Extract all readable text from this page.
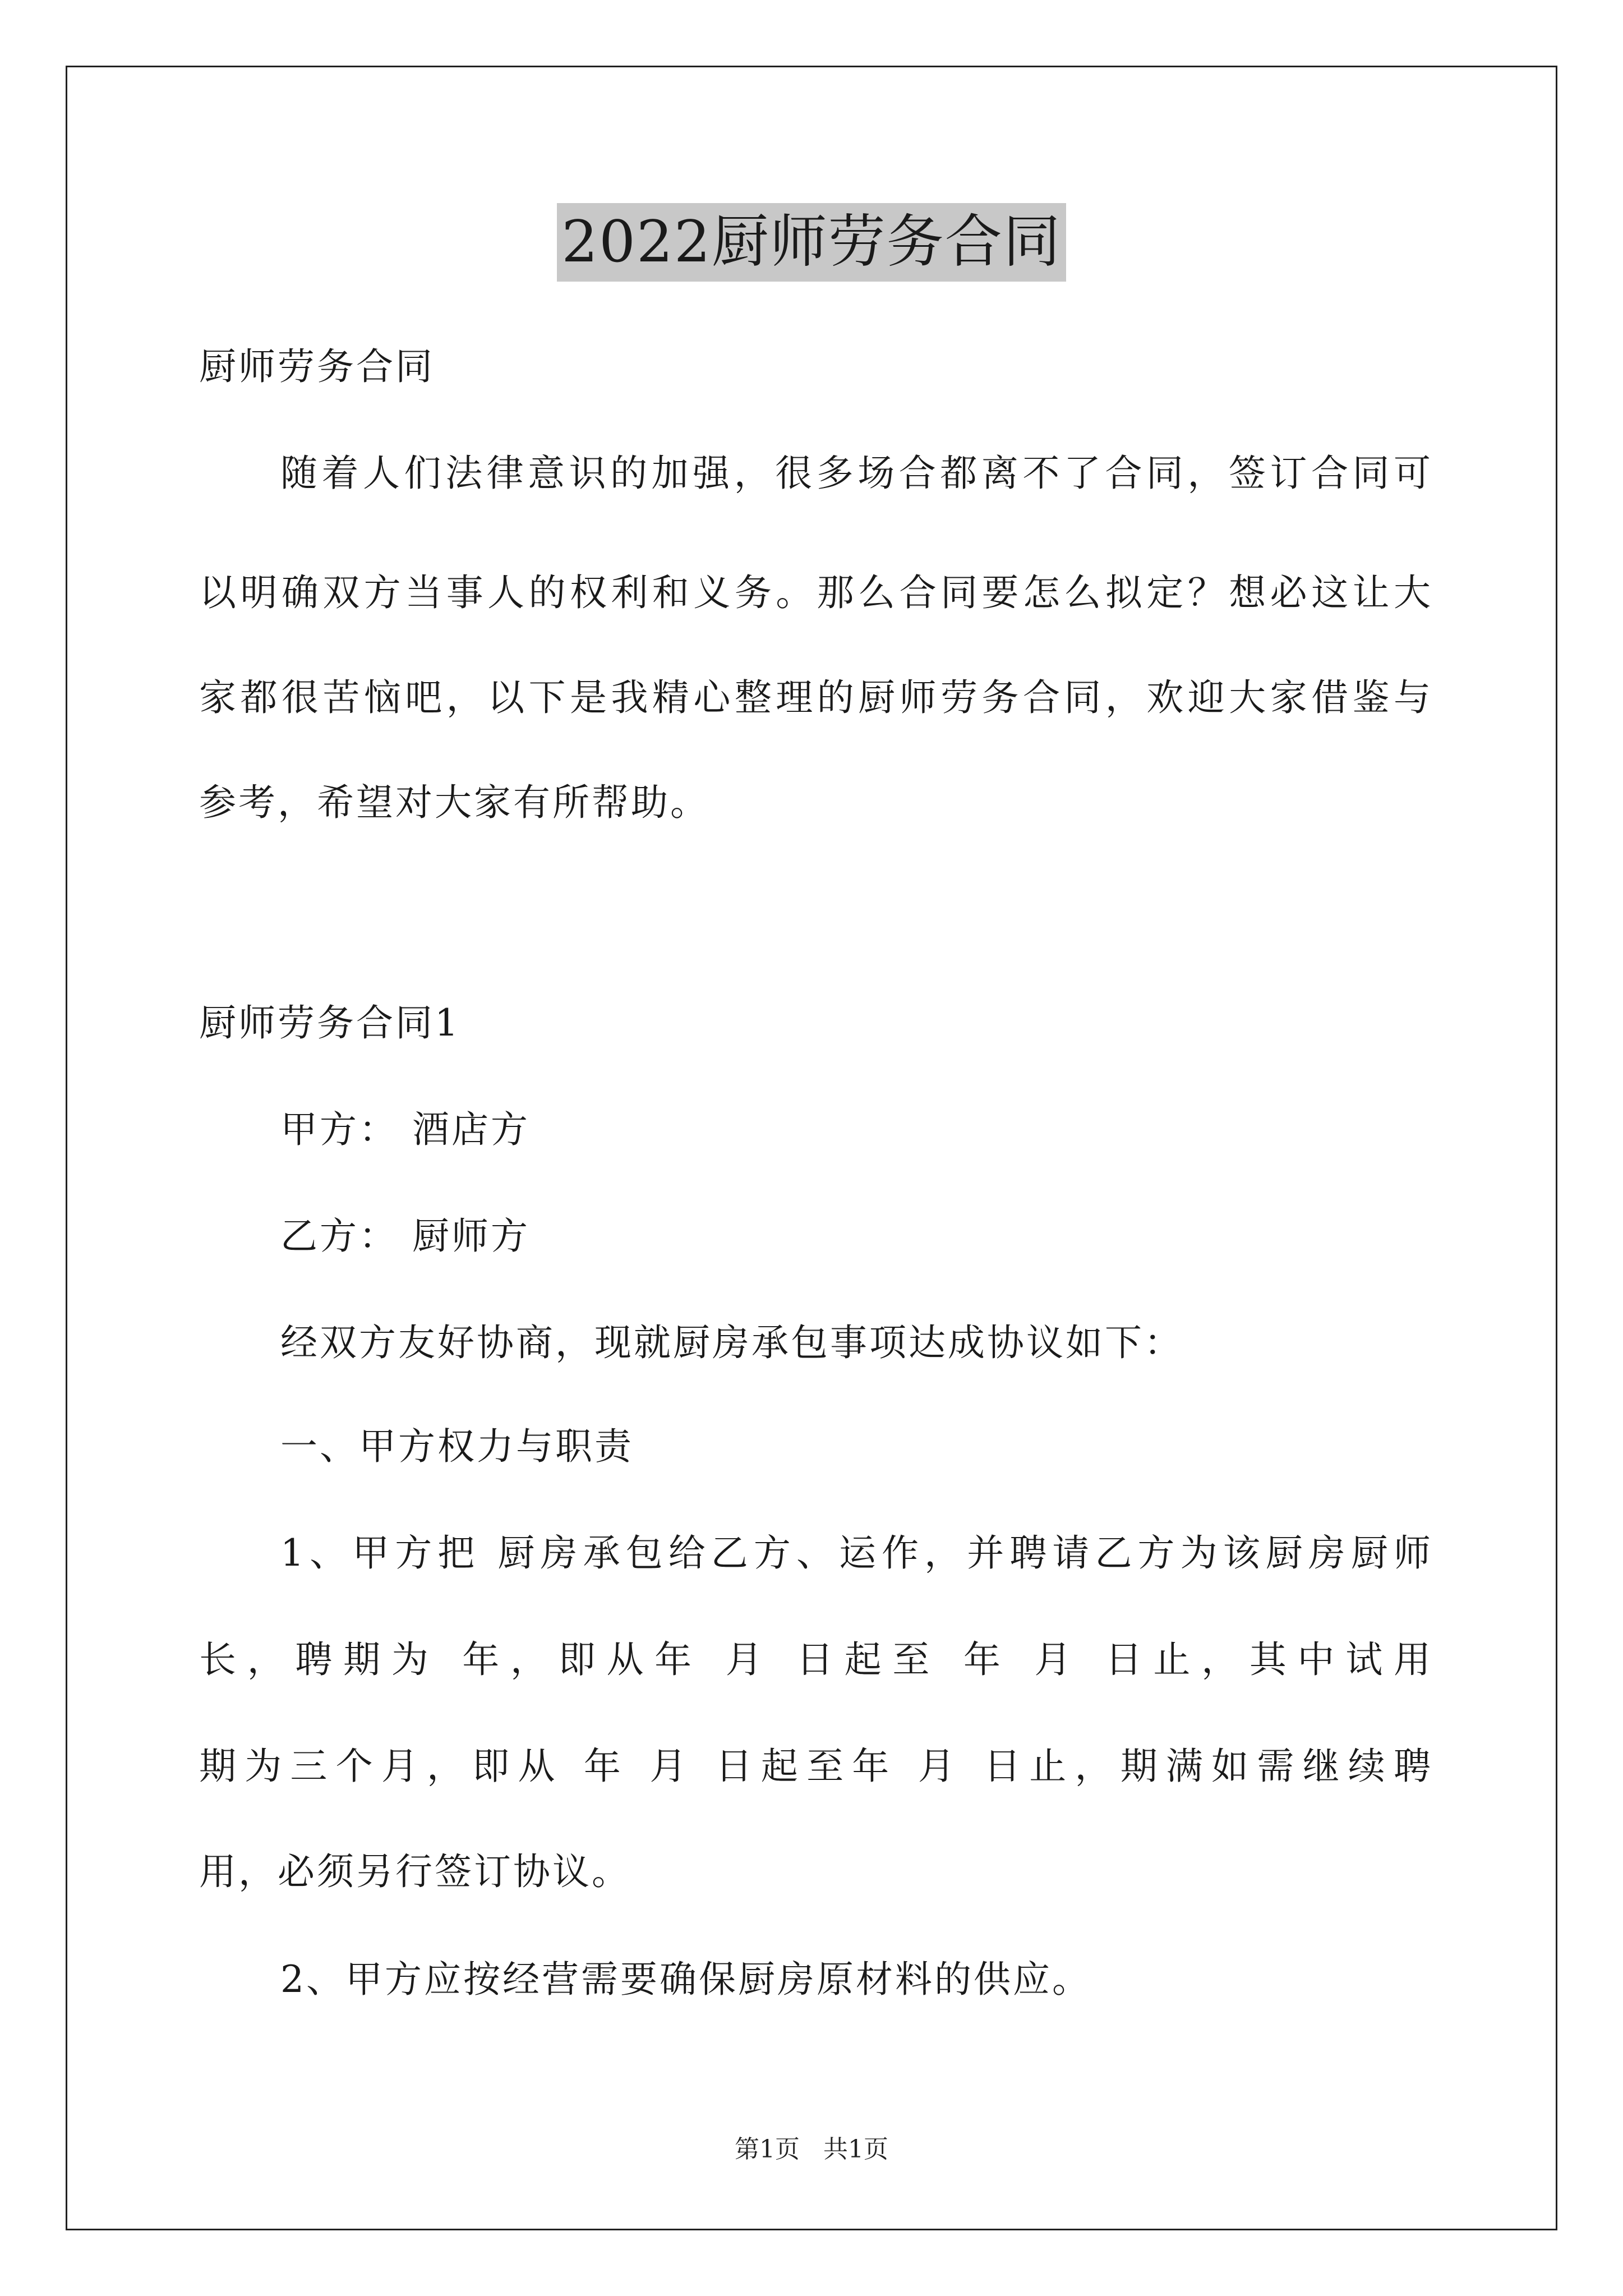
2022厨师劳务合同
厨师劳务合同
随着人们法律意识的加强，很多场合都离不了合同，签订合同可
以明确双方当事人的权利和义务。那么合同要怎么拟定？想必这让大
家都很苦恼吧，以下是我精心整理的厨师劳务合同，欢迎大家借鉴与
参考，希望对大家有所帮助。
厨师劳务合同1
甲方： 酒店方
乙方： 厨师方
经双方友好协商，现就厨房承包事项达成协议如下：
一、甲方权力与职责
1、甲方把 厨房承包给乙方、运作，并聘请乙方为该厨房厨师
长，聘期为 年，即从年 月 日起至 年 月 日止，其中试用
期为三个月，即从 年 月 日起至年 月 日止，期满如需继续聘
用，必须另行签订协议。
2、甲方应按经营需要确保厨房原材料的供应。
第1页 共1页
